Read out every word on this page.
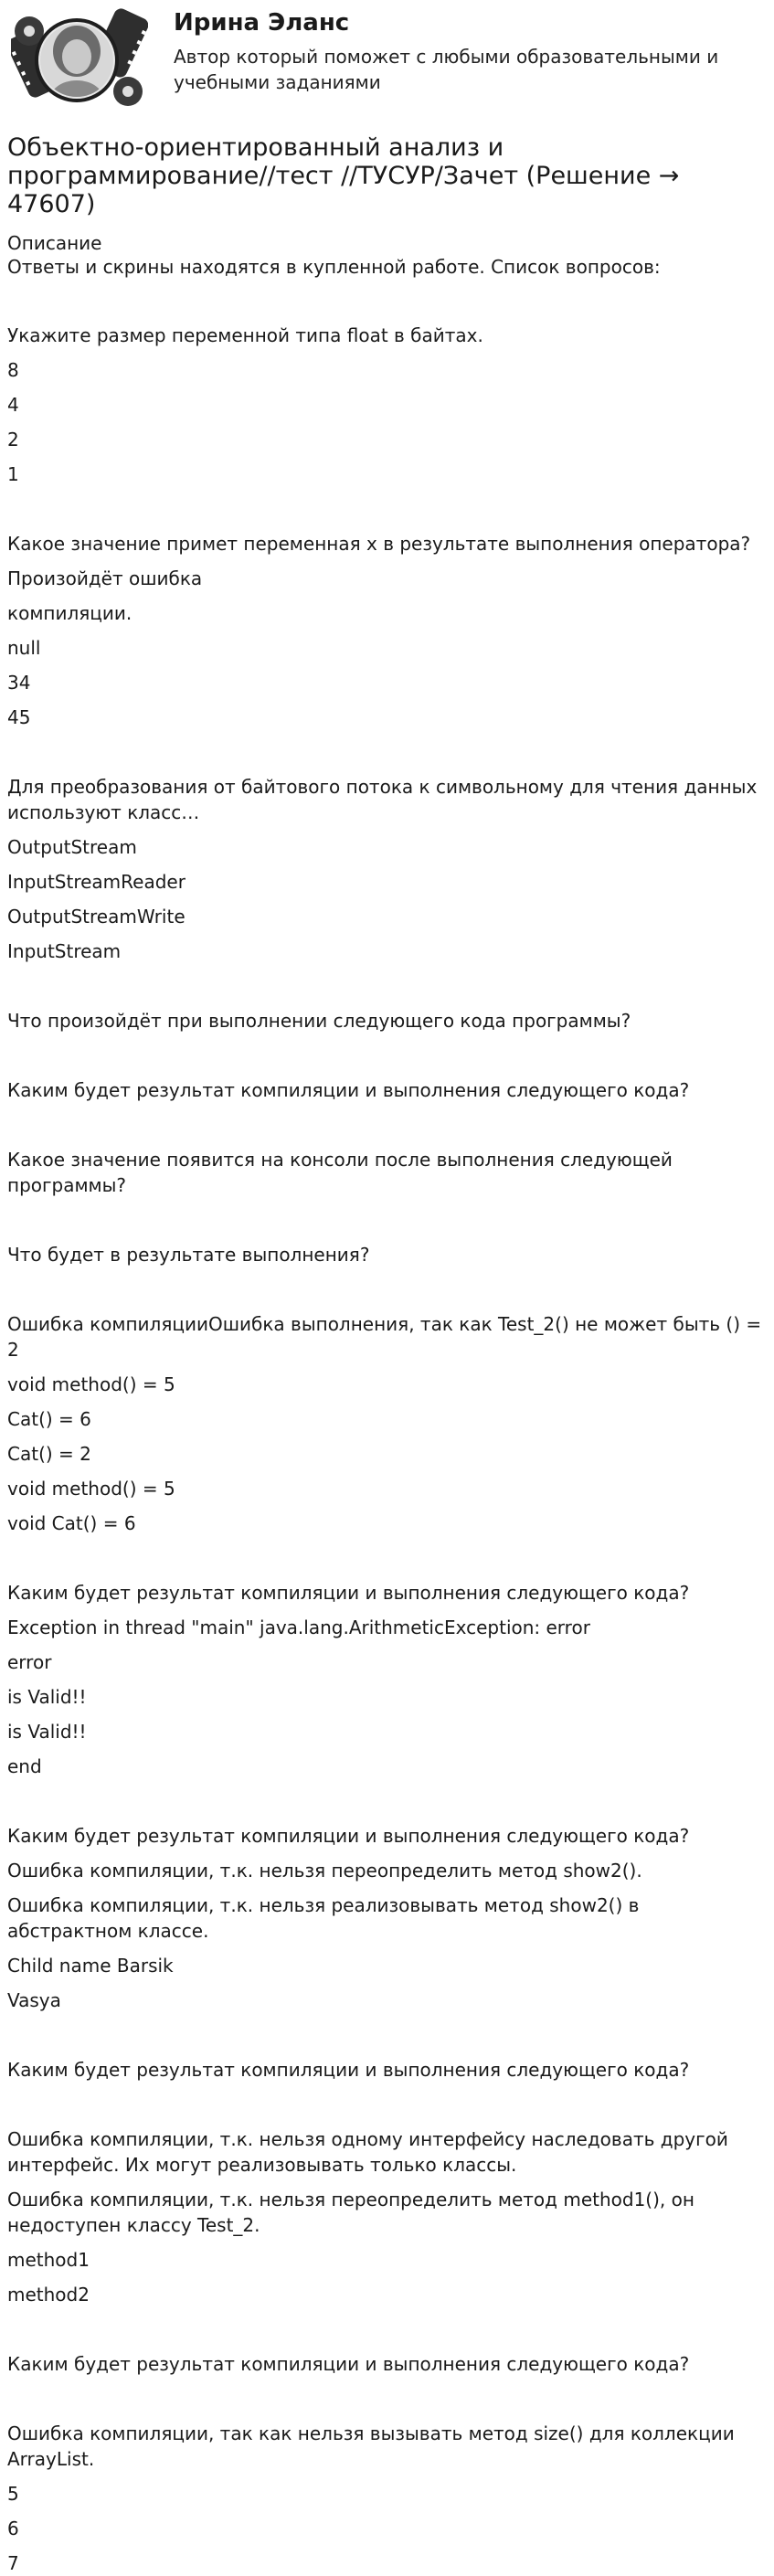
Ирина Эланс

Автор который поможет с любыми образовательными и учебными заданиями

Объектно-ориентированный анализ и программирование//тест //ТУСУР/Зачет (Решение → 47607)

Описание

Ответы и скрины находятся в купленной работе. Список вопросов:

Укажите размер переменной типа float в байтах.

8

4

2

1

Какое значение примет переменная x в результате выполнения оператора?

Произойдёт ошибка

компиляции.

null

34

45

Для преобразования от байтового потока к символьному для чтения данных используют класс…

OutputStream

InputStreamReader

OutputStreamWrite

InputStream

Что произойдёт при выполнении следующего кода программы?

Каким будет результат компиляции и выполнения следующего кода?

Какое значение появится на консоли после выполнения следующей программы?

Что будет в результате выполнения?

Ошибка компиляцииОшибка выполнения, так как Test_2() не может быть () = 2

void method() = 5

Cat() = 6

Cat() = 2

void method() = 5

void Cat() = 6

Каким будет результат компиляции и выполнения следующего кода?

Exception in thread "main" java.lang.ArithmeticException: error

error

is Valid!!

is Valid!!

end

Каким будет результат компиляции и выполнения следующего кода?

Ошибка компиляции, т.к. нельзя переопределить метод show2().

Ошибка компиляции, т.к. нельзя реализовывать метод show2() в абстрактном классе.

Child name Barsik

Vasya

Каким будет результат компиляции и выполнения следующего кода?

Ошибка компиляции, т.к. нельзя одному интерфейсу наследовать другой интерфейс. Их могут реализовывать только классы.

Ошибка компиляции, т.к. нельзя переопределить метод method1(), он недоступен классу Test_2.

method1

method2

Каким будет результат компиляции и выполнения следующего кода?

Ошибка компиляции, так как нельзя вызывать метод size() для коллекции ArrayList.

5

6

7
